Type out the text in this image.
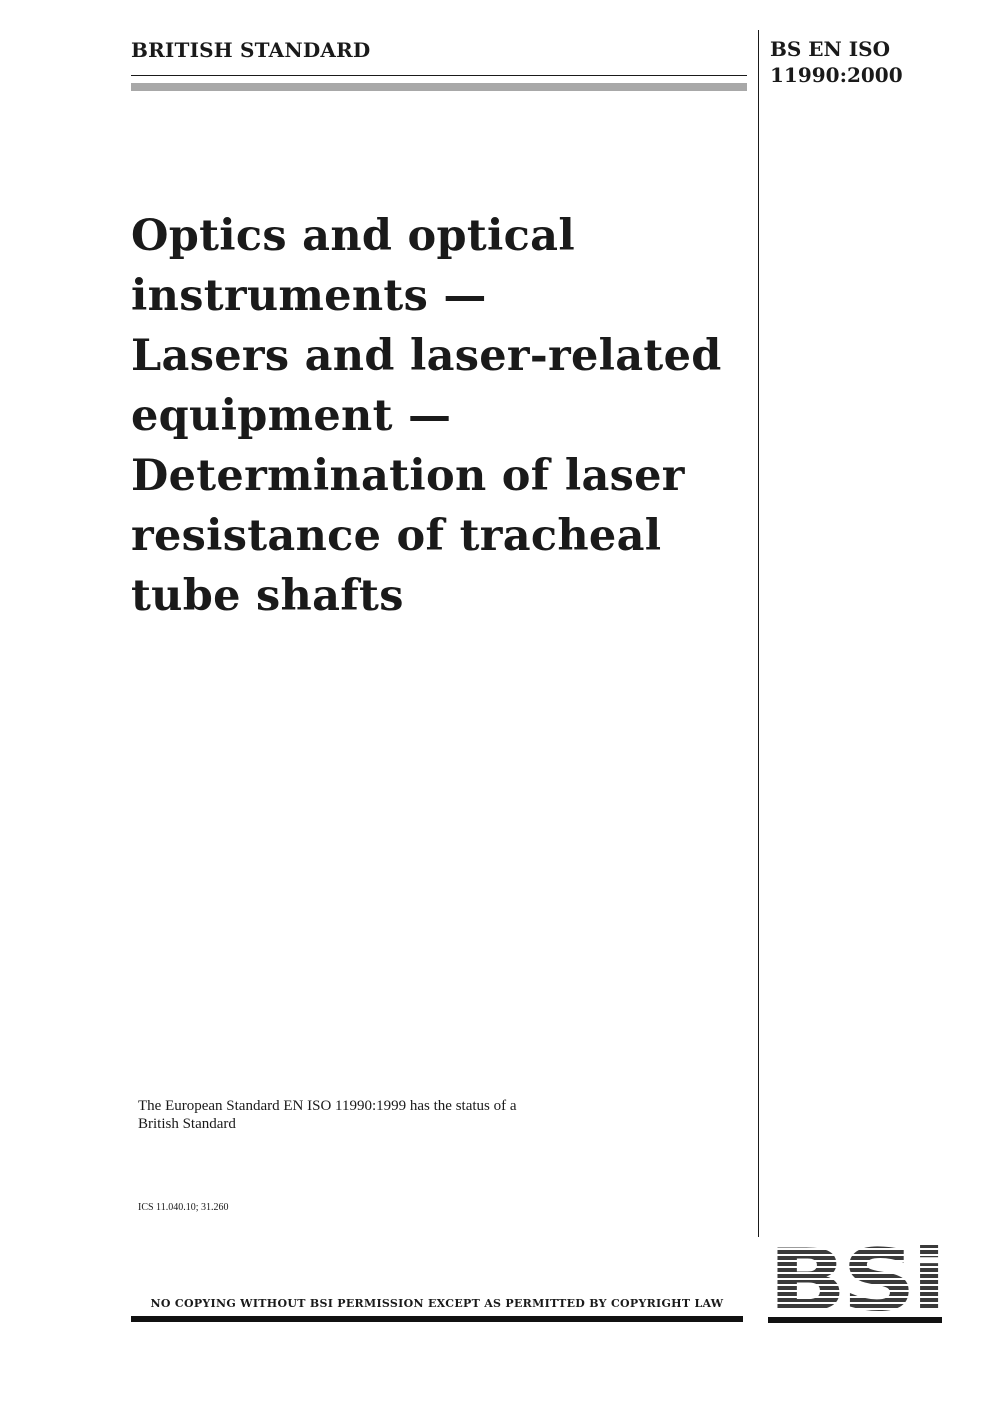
BRITISH STANDARD	BS EN ISO
11990:2000
Optics and optical
instruments —
Lasers and laser-related
equipment —
Determination of laser
resistance of tracheal
tube shafts
The European Standard EN ISO 11990:1999 has the status of a
British Standard
ICS 11.040.10; 31.260
NO COPYING WITHOUT BSI PERMISSION EXCEPT AS PERMITTED BY COPYRIGHT LAW
